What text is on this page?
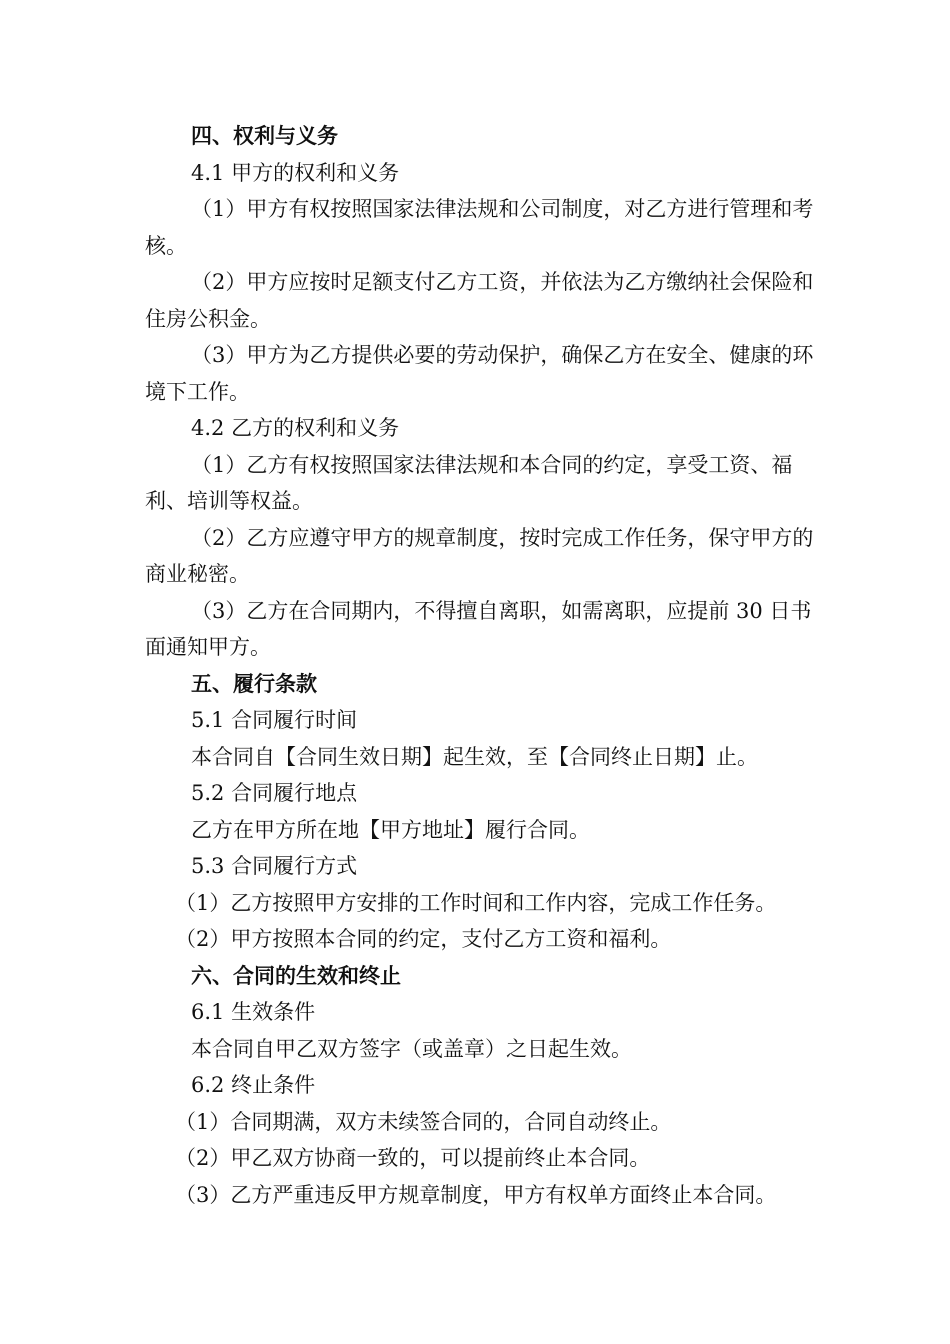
四、权利与义务

4.1 甲方的权利和义务

（1）甲方有权按照国家法律法规和公司制度，对乙方进行管理和考核。

（2）甲方应按时足额支付乙方工资，并依法为乙方缴纳社会保险和住房公积金。

（3）甲方为乙方提供必要的劳动保护，确保乙方在安全、健康的环境下工作。

4.2 乙方的权利和义务

（1）乙方有权按照国家法律法规和本合同的约定，享受工资、福利、培训等权益。

（2）乙方应遵守甲方的规章制度，按时完成工作任务，保守甲方的商业秘密。

（3）乙方在合同期内，不得擅自离职，如需离职，应提前 30 日书面通知甲方。

五、履行条款

5.1 合同履行时间

本合同自【合同生效日期】起生效，至【合同终止日期】止。

5.2 合同履行地点

乙方在甲方所在地【甲方地址】履行合同。

5.3 合同履行方式

（1）乙方按照甲方安排的工作时间和工作内容，完成工作任务。

（2）甲方按照本合同的约定，支付乙方工资和福利。

六、合同的生效和终止

6.1 生效条件

本合同自甲乙双方签字（或盖章）之日起生效。

6.2 终止条件

（1）合同期满，双方未续签合同的，合同自动终止。

（2）甲乙双方协商一致的，可以提前终止本合同。

（3）乙方严重违反甲方规章制度，甲方有权单方面终止本合同。
